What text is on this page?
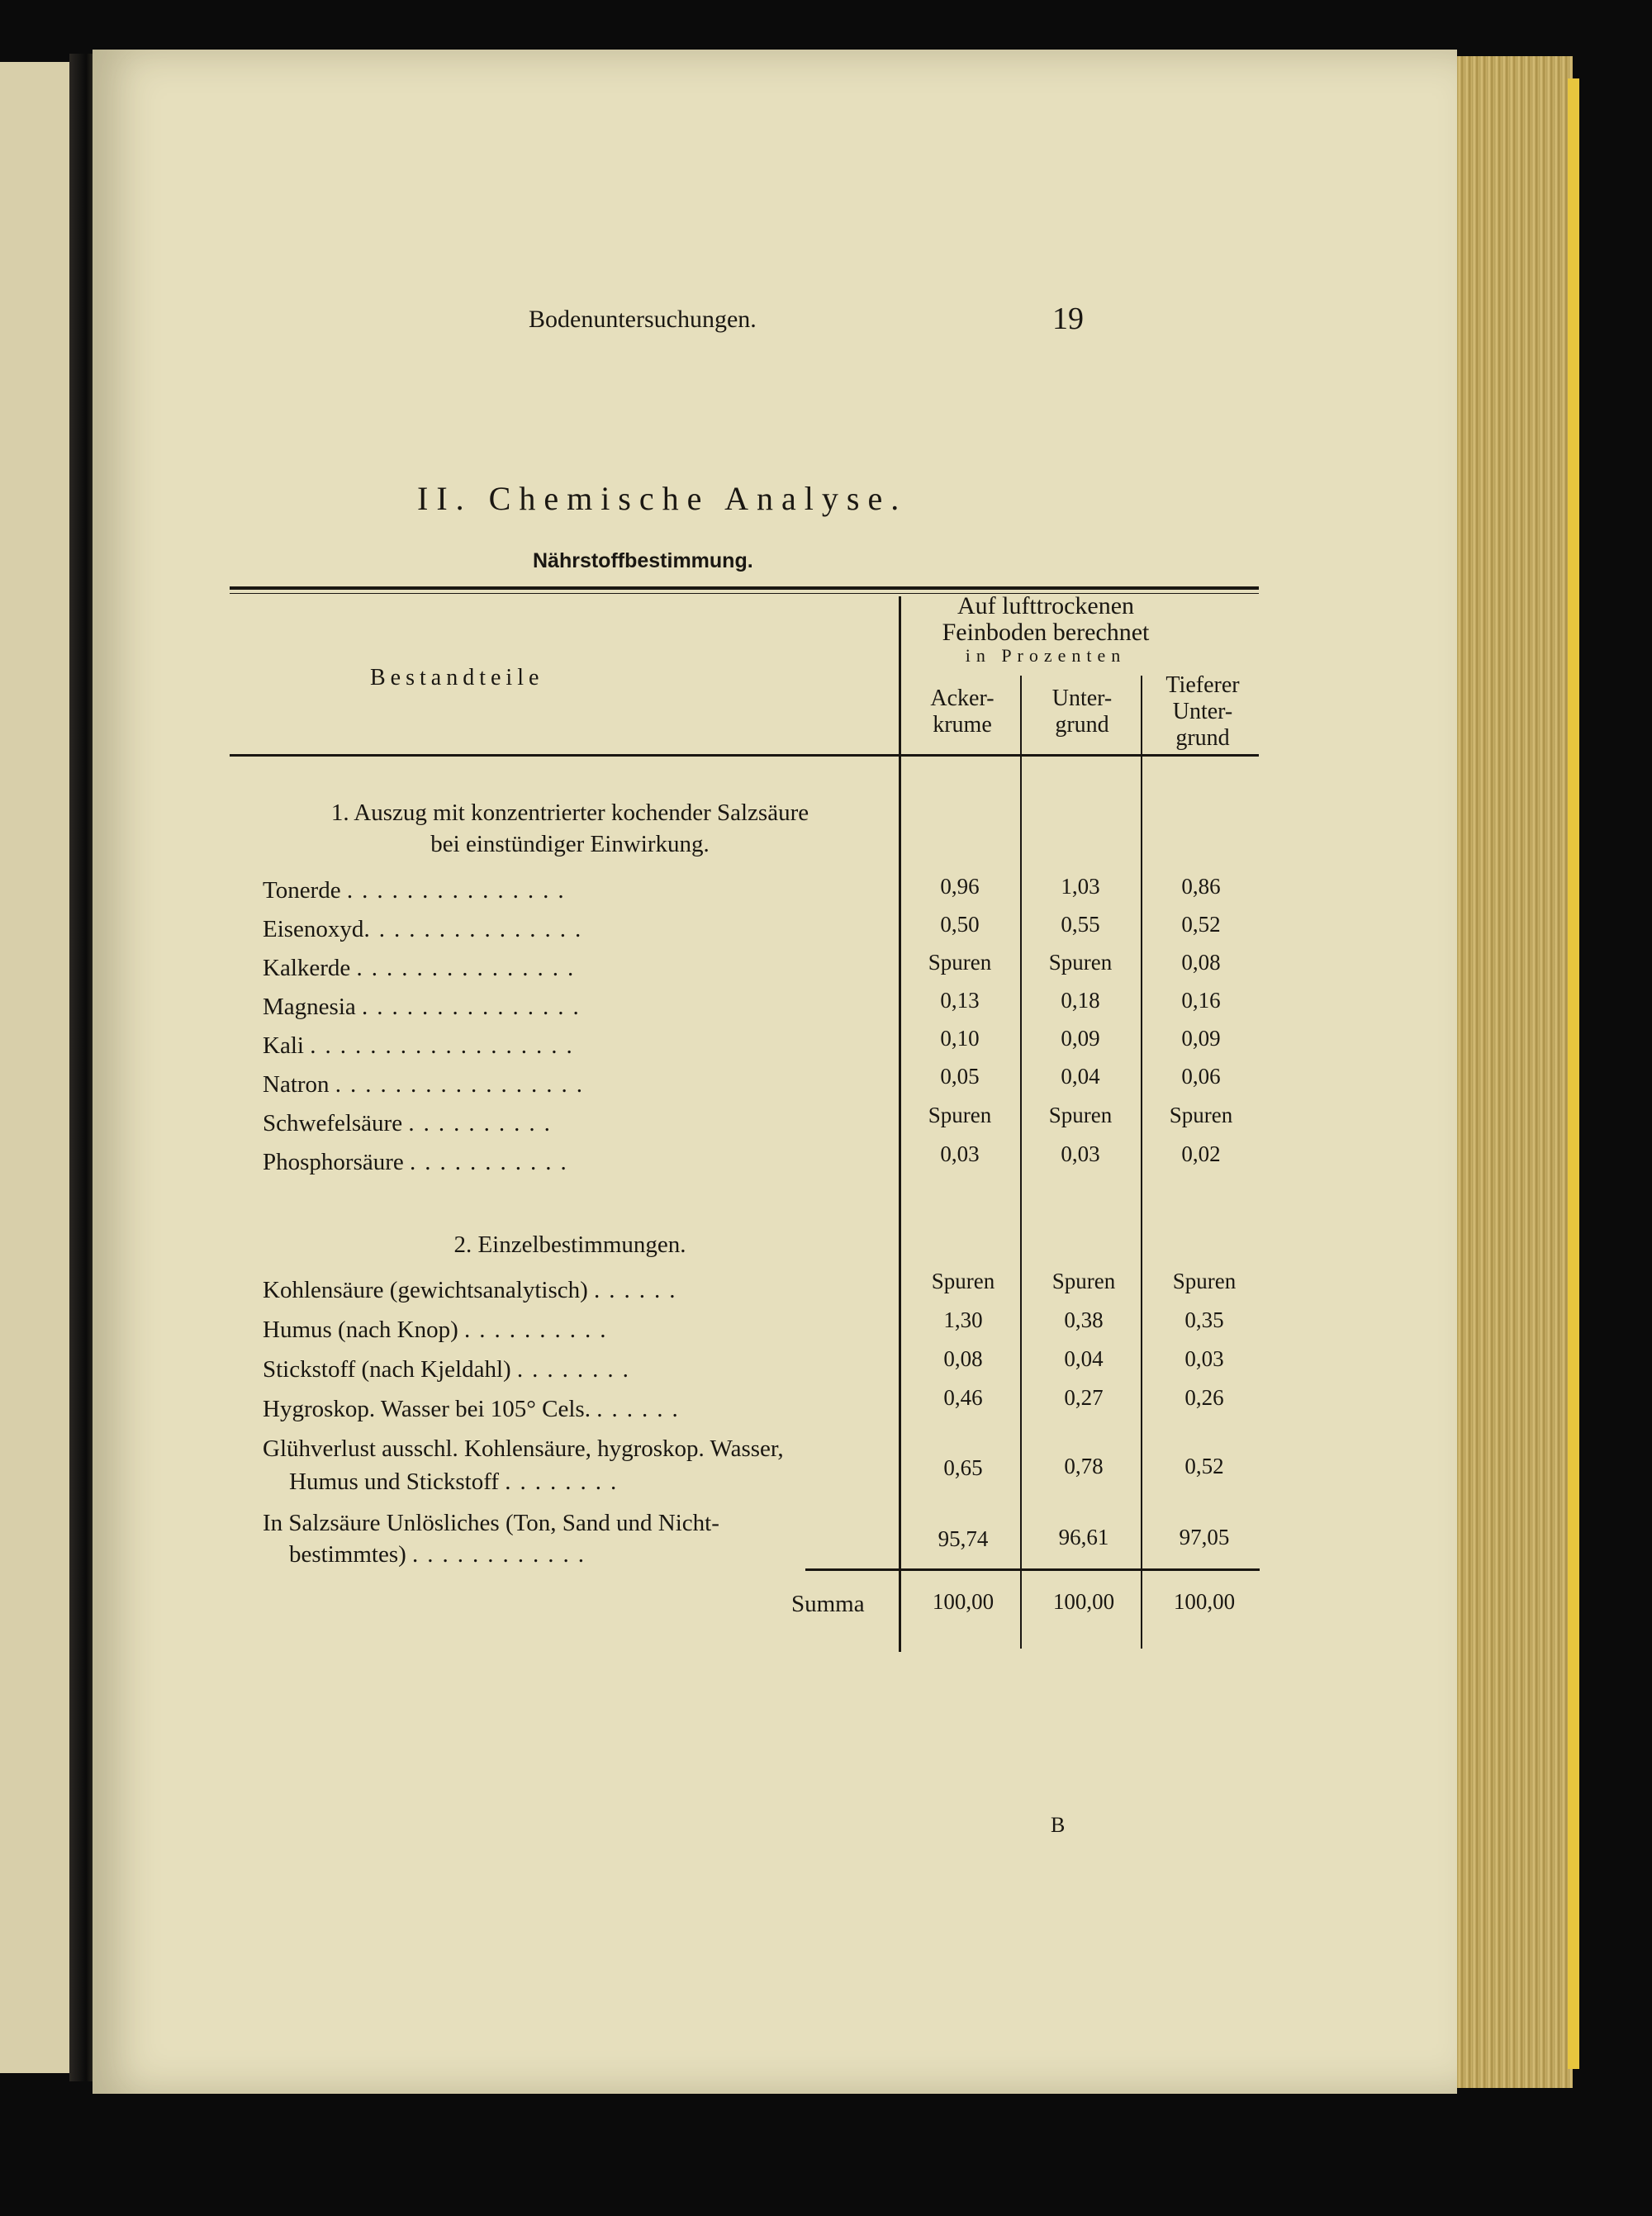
Bodenuntersuchungen.	19
II. Chemische Analyse.
Nährstoffbestimmung.
Bestandteile
Auf lufttrockenen
Feinboden berechnet
in Prozenten
Acker-
krume
Unter-
grund
Tieferer
Unter-
grund
1. Auszug mit konzentrierter kochender Salzsäure
bei einstündiger Einwirkung.
Tonerde ...............	0,96	1,03	0,86
Eisenoxyd...............	0,50	0,55	0,52
Kalkerde ...............	Spuren	Spuren	0,08
Magnesia ...............	0,13	0,18	0,16
Kali ..................	0,10	0,09	0,09
Natron .................	0,05	0,04	0,06
Schwefelsäure ..........	Spuren	Spuren	Spuren
Phosphorsäure ...........	0,03	0,03	0,02
2. Einzelbestimmungen.
Kohlensäure (gewichtsanalytisch) ......	Spuren	Spuren	Spuren
Humus (nach Knop) ..........	1,30	0,38	0,35
Stickstoff (nach Kjeldahl) ........	0,08	0,04	0,03
Hygroskop. Wasser bei 105° Cels. ......	0,46	0,27	0,26
Glühverlust ausschl. Kohlensäure, hygroskop. Wasser,
Humus und Stickstoff ........
0,65	0,78	0,52
In Salzsäure Unlösliches (Ton, Sand und Nicht-
bestimmtes) ............
95,74	96,61	97,05
Summa	100,00	100,00	100,00
B
